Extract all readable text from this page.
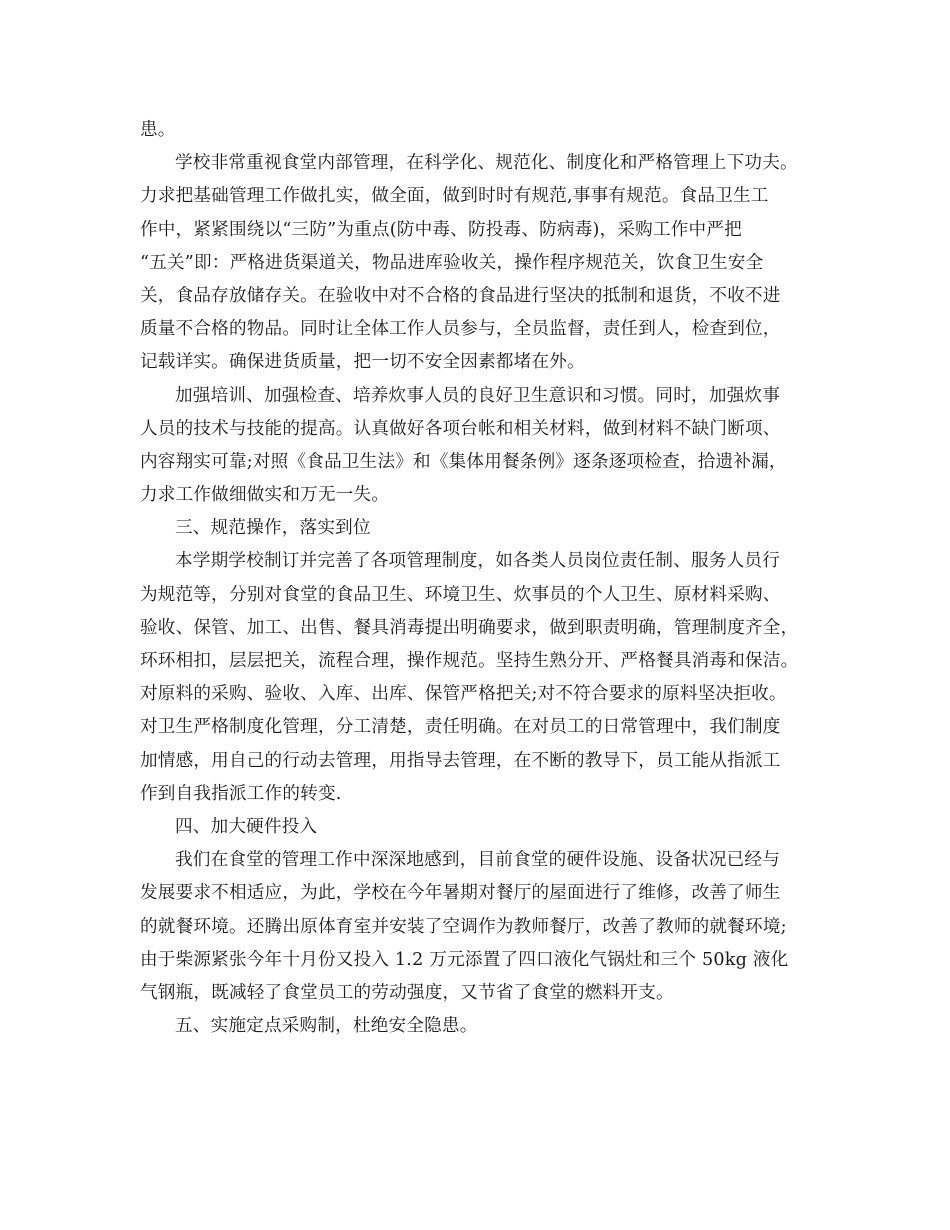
患。
学校非常重视食堂内部管理，在科学化、规范化、制度化和严格管理上下功夫。
力求把基础管理工作做扎实，做全面，做到时时有规范,事事有规范。食品卫生工
作中，紧紧围绕以“三防”为重点(防中毒、防投毒、防病毒)，采购工作中严把
“五关”即：严格进货渠道关，物品进库验收关，操作程序规范关，饮食卫生安全
关，食品存放储存关。在验收中对不合格的食品进行坚决的抵制和退货，不收不进
质量不合格的物品。同时让全体工作人员参与，全员监督，责任到人，检查到位，
记载详实。确保进货质量，把一切不安全因素都堵在外。
加强培训、加强检查、培养炊事人员的良好卫生意识和习惯。同时，加强炊事
人员的技术与技能的提高。认真做好各项台帐和相关材料，做到材料不缺门断项、
内容翔实可靠;对照《食品卫生法》和《集体用餐条例》逐条逐项检查，拾遗补漏，
力求工作做细做实和万无一失。
三、规范操作，落实到位
本学期学校制订并完善了各项管理制度，如各类人员岗位责任制、服务人员行
为规范等，分别对食堂的食品卫生、环境卫生、炊事员的个人卫生、原材料采购、
验收、保管、加工、出售、餐具消毒提出明确要求，做到职责明确，管理制度齐全，
环环相扣，层层把关，流程合理，操作规范。坚持生熟分开、严格餐具消毒和保洁。
对原料的采购、验收、入库、出库、保管严格把关;对不符合要求的原料坚决拒收。
对卫生严格制度化管理，分工清楚，责任明确。在对员工的日常管理中，我们制度
加情感，用自己的行动去管理，用指导去管理，在不断的教导下，员工能从指派工
作到自我指派工作的转变.
四、加大硬件投入
我们在食堂的管理工作中深深地感到，目前食堂的硬件设施、设备状况已经与
发展要求不相适应，为此，学校在今年暑期对餐厅的屋面进行了维修，改善了师生
的就餐环境。还腾出原体育室并安装了空调作为教师餐厅，改善了教师的就餐环境;
由于柴源紧张今年十月份又投入 1.2 万元添置了四口液化气锅灶和三个 50kg 液化
气钢瓶，既减轻了食堂员工的劳动强度，又节省了食堂的燃料开支。
五、实施定点采购制，杜绝安全隐患。
